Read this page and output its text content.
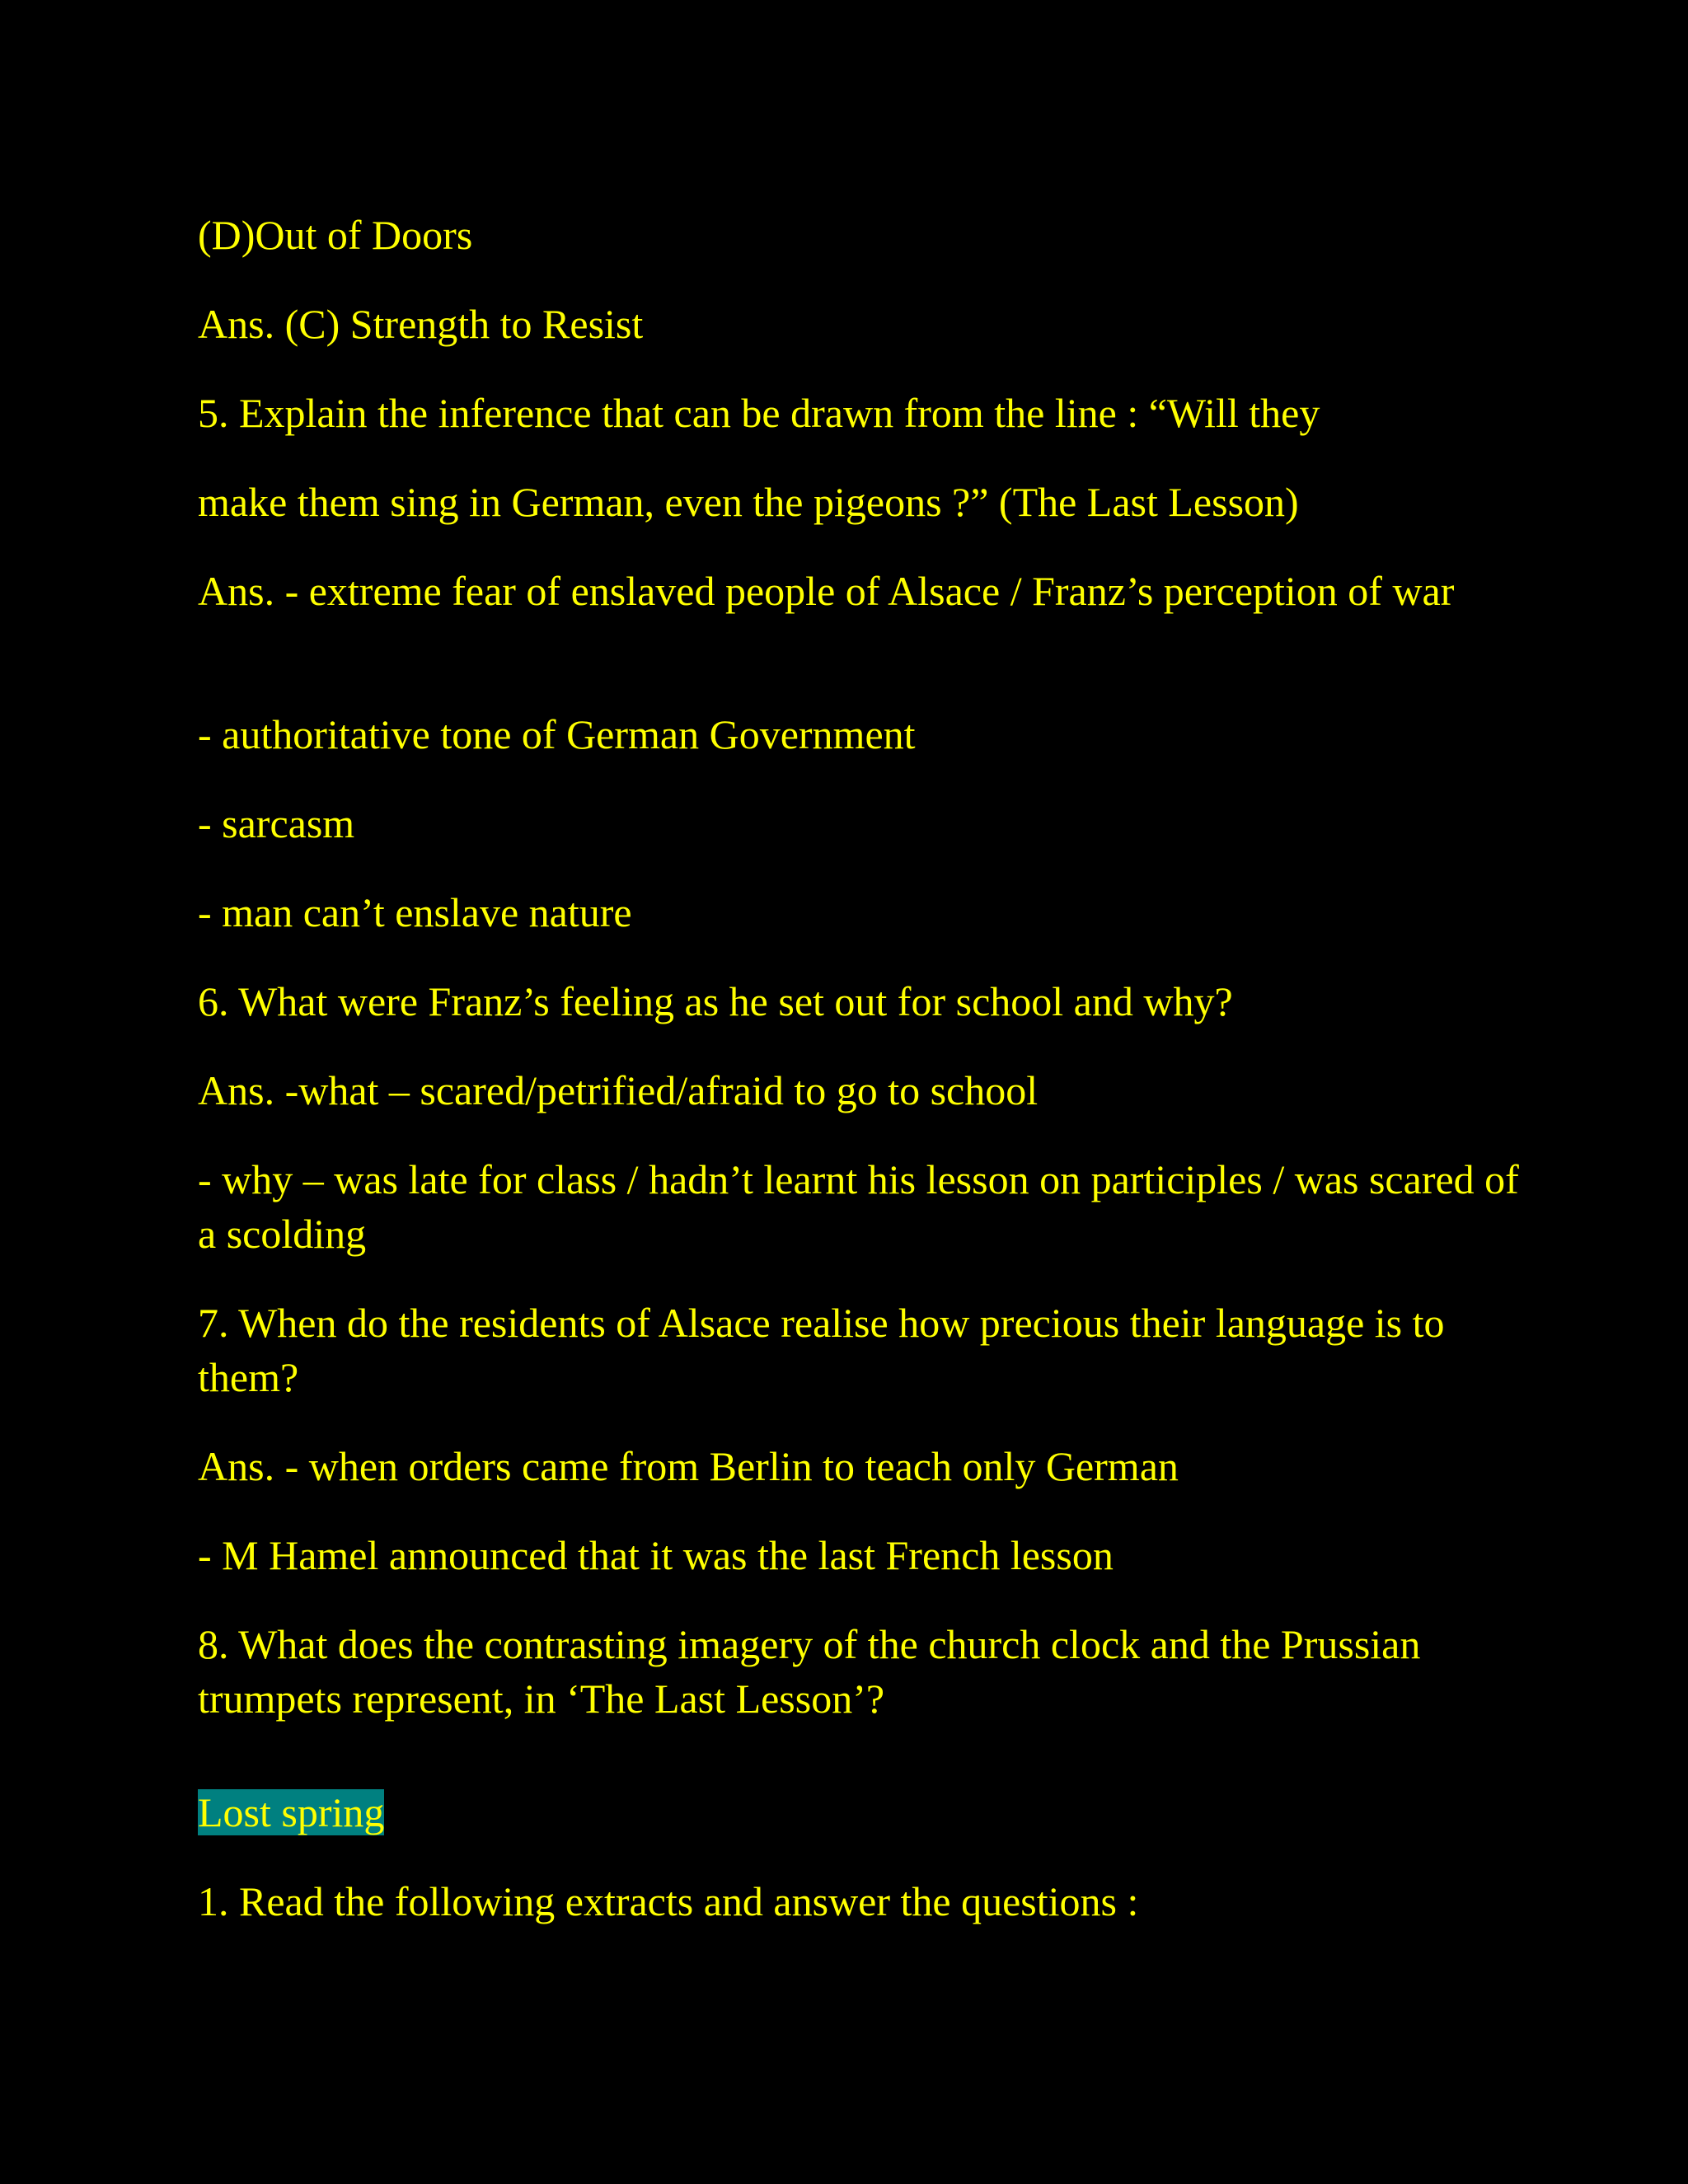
(D)Out of Doors

Ans. (C) Strength to Resist

5. Explain the inference that can be drawn from the line : “Will they

make them sing in German, even the pigeons ?” (The Last Lesson)

Ans. - extreme fear of enslaved people of Alsace / Franz’s perception of war

- authoritative tone of German Government

- sarcasm

- man can’t enslave nature

6. What were Franz’s feeling as he set out for school and why?

Ans. -what – scared/petrified/afraid to go to school

- why – was late for class / hadn’t learnt his lesson on participles / was scared of a scolding

7. When do the residents of Alsace realise how precious their language is to them?

Ans. - when orders came from Berlin to teach only German

- M Hamel announced that it was the last French lesson

8. What does the contrasting imagery of the church clock and the Prussian trumpets represent, in ‘The Last Lesson’?

Lost spring

1. Read the following extracts and answer the questions :
